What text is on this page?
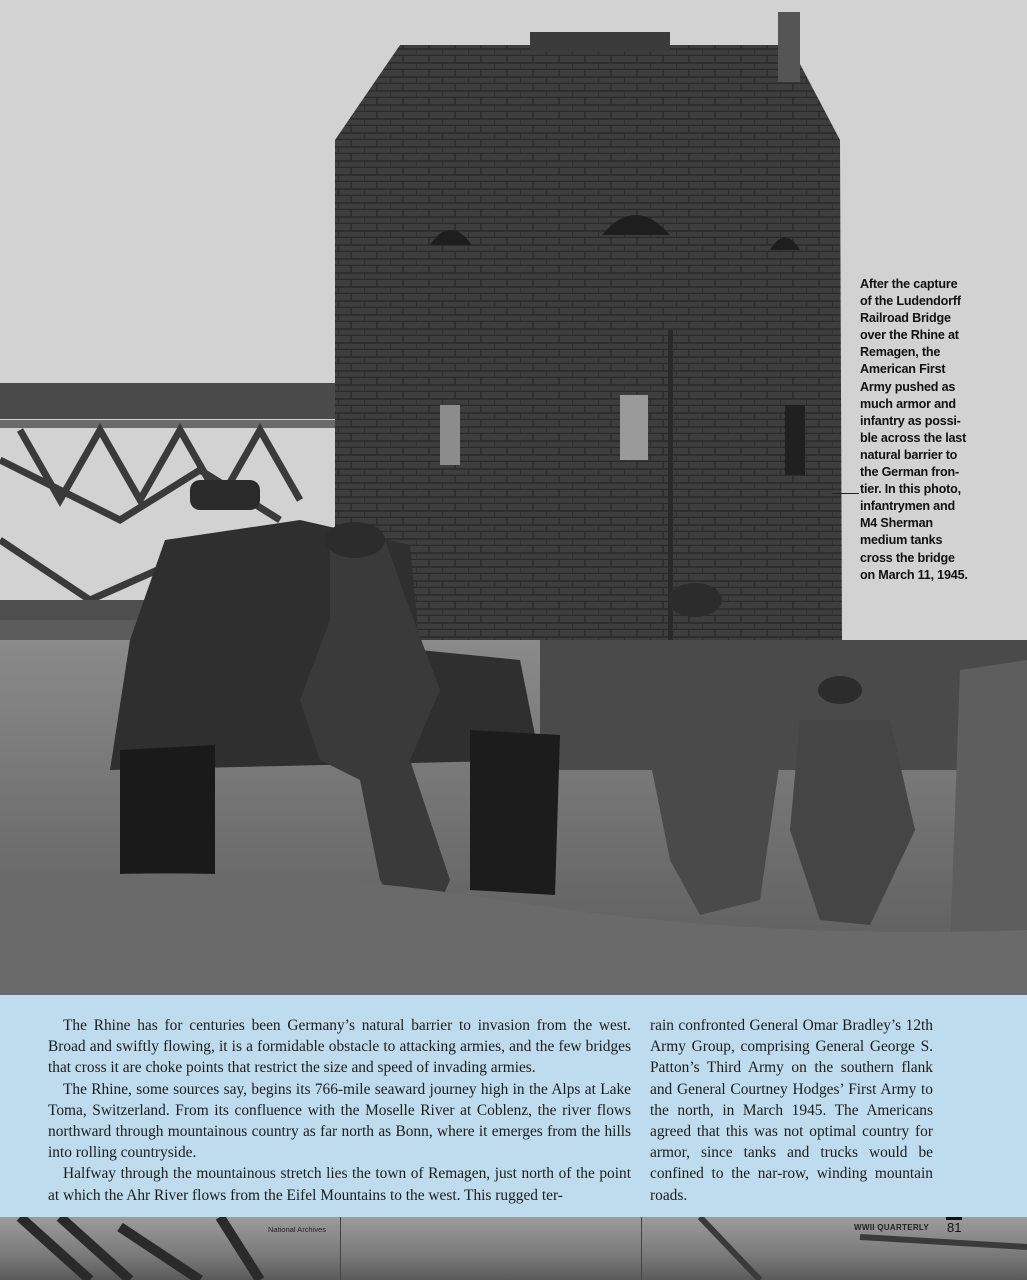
After the capture
of the Ludendorff
Railroad Bridge
over the Rhine at
Remagen, the
American First
Army pushed as
much armor and
infantry as possi-
ble across the last
natural barrier to
the German fron-
tier. In this photo,
infantrymen and
M4 Sherman
medium tanks
cross the bridge
on March 11, 1945.

The Rhine has for centuries been Germany’s natural barrier to invasion from the west. Broad and swiftly flowing, it is a formidable obstacle to attacking armies, and the few bridges that cross it are choke points that restrict the size and speed of invading armies.

The Rhine, some sources say, begins its 766-mile seaward journey high in the Alps at Lake Toma, Switzerland. From its confluence with the Moselle River at Coblenz, the river flows northward through mountainous country as far north as Bonn, where it emerges from the hills into rolling countryside.

Halfway through the mountainous stretch lies the town of Remagen, just north of the point at which the Ahr River flows from the Eifel Mountains to the west. This rugged ter-

rain confronted General Omar Bradley’s 12th Army Group, comprising General George S. Patton’s Third Army on the southern flank and General Courtney Hodges’ First Army to the north, in March 1945. The Americans agreed that this was not optimal country for armor, since tanks and trucks would be confined to the nar-row, winding mountain roads.

National Archives	WWII QUARTERLY 81
